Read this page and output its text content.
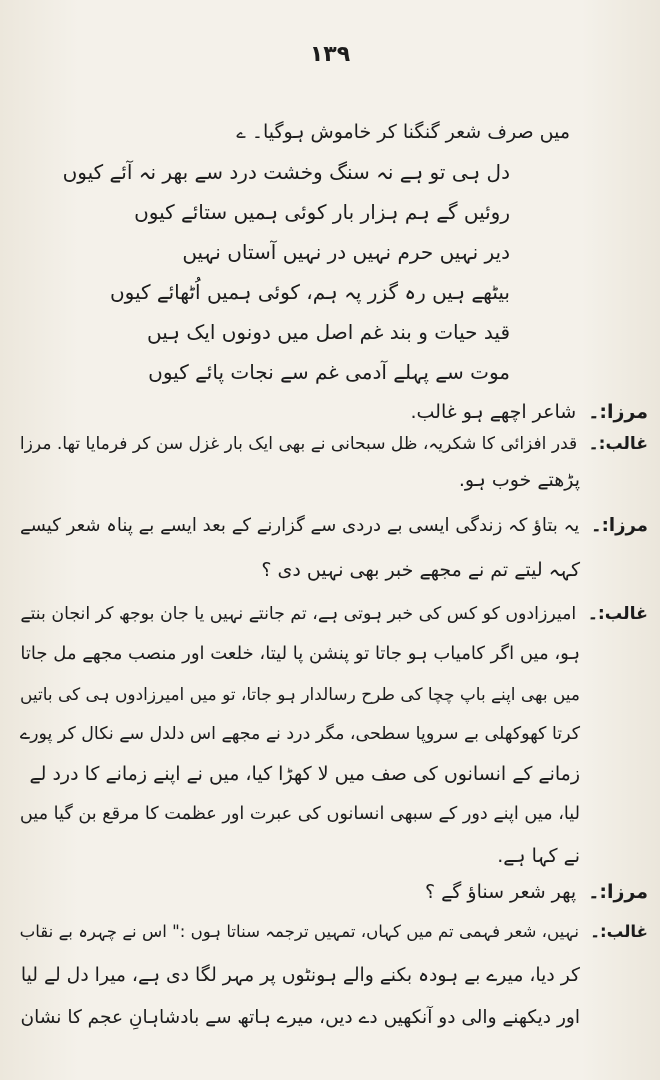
۱۳۹
میں صرف شعر گنگنا کر خاموش ہوگیا۔ ے
دل ہی تو ہے نہ سنگ وخشت درد سے بھر نہ آئے کیوں
روئیں گے ہم ہزار بار کوئی ہمیں ستائے کیوں
دیر نہیں حرم نہیں در نہیں آستاں نہیں
بیٹھے ہیں رہ گزر پہ ہم، کوئی ہمیں اُٹھائے کیوں
قید حیات و بند غم اصل میں دونوں ایک ہیں
موت سے پہلے آدمی غم سے نجات پائے کیوں
مرزا:۔ شاعر اچھے ہو غالب.
غالب:۔ قدر افزائی کا شکریہ، ظل سبحانی نے بھی ایک بار غزل سن کر فرمایا تھا. مرزا
پڑھتے خوب ہو.
مرزا:۔ یہ بتاؤ کہ زندگی ایسی بے دردی سے گزارنے کے بعد ایسے بے پناہ شعر کیسے
کہہ لیتے تم نے مجھے خبر بھی نہیں دی ؟
غالب:۔ امیرزادوں کو کس کی خبر ہوتی ہے، تم جانتے نہیں یا جان بوجھ کر انجان بنتے
ہو، میں اگر کامیاب ہو جاتا تو پنشن پا لیتا، خلعت اور منصب مجھے مل جاتا
میں بھی اپنے باپ چچا کی طرح رسالدار ہو جاتا، تو میں امیرزادوں ہی کی باتیں
کرتا کھوکھلی بے سروپا سطحی، مگر درد نے مجھے اس دلدل سے نکال کر پورے
زمانے کے انسانوں کی صف میں لا کھڑا کیا، میں نے اپنے زمانے کا درد لے
لیا، میں اپنے دور کے سبھی انسانوں کی عبرت اور عظمت کا مرقع بن گیا میں
نے کہا ہے.
مرزا:۔ پھر شعر سناؤ گے ؟
غالب:۔ نہیں، شعر فہمی تم میں کہاں، تمہیں ترجمہ سناتا ہوں :" اس نے چہرہ بے نقاب
کر دیا، میرے بے ہودہ بکنے والے ہونٹوں پر مہر لگا دی ہے، میرا دل لے لیا
اور دیکھنے والی دو آنکھیں دے دیں، میرے ہاتھ سے بادشاہانِ عجم کا نشان
